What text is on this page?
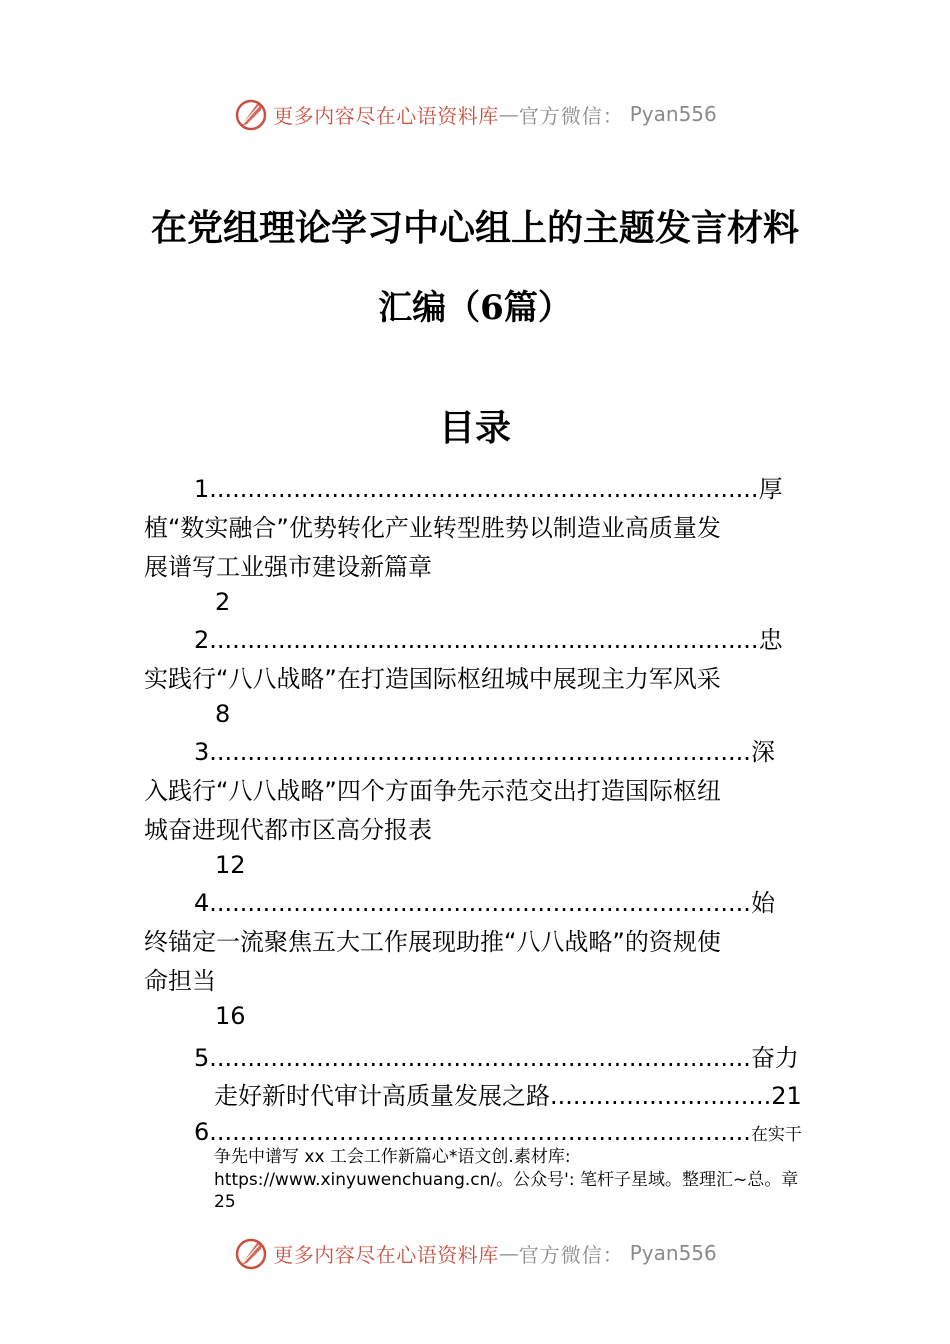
更多内容尽在心语资料库 — 官方微信： Pyan556
在党组理论学习中心组上的主题发言材料
汇编（6篇）
目录
1........................................................................厚
植“数实融合”优势转化产业转型胜势以制造业高质量发
展谱写工业强市建设新篇章
2
2........................................................................忠
实践行“八八战略”在打造国际枢纽城中展现主力军风采
8
3.......................................................................深
入践行“八八战略”四个方面争先示范交出打造国际枢纽
城奋进现代都市区高分报表
12
4.......................................................................始
终锚定一流聚焦五大工作展现助推“八八战略”的资规使
命担当
16
5.......................................................................奋力
走好新时代审计高质量发展之路.............................21
6.......................................................................在实干
争先中谱写 xx 工会工作新篇心*语文创.素材库:
https://www.xinyuwenchuang.cn/。公众号': 笔杆子星域。整理汇~总。章
25
更多内容尽在心语资料库 — 官方微信： Pyan556
